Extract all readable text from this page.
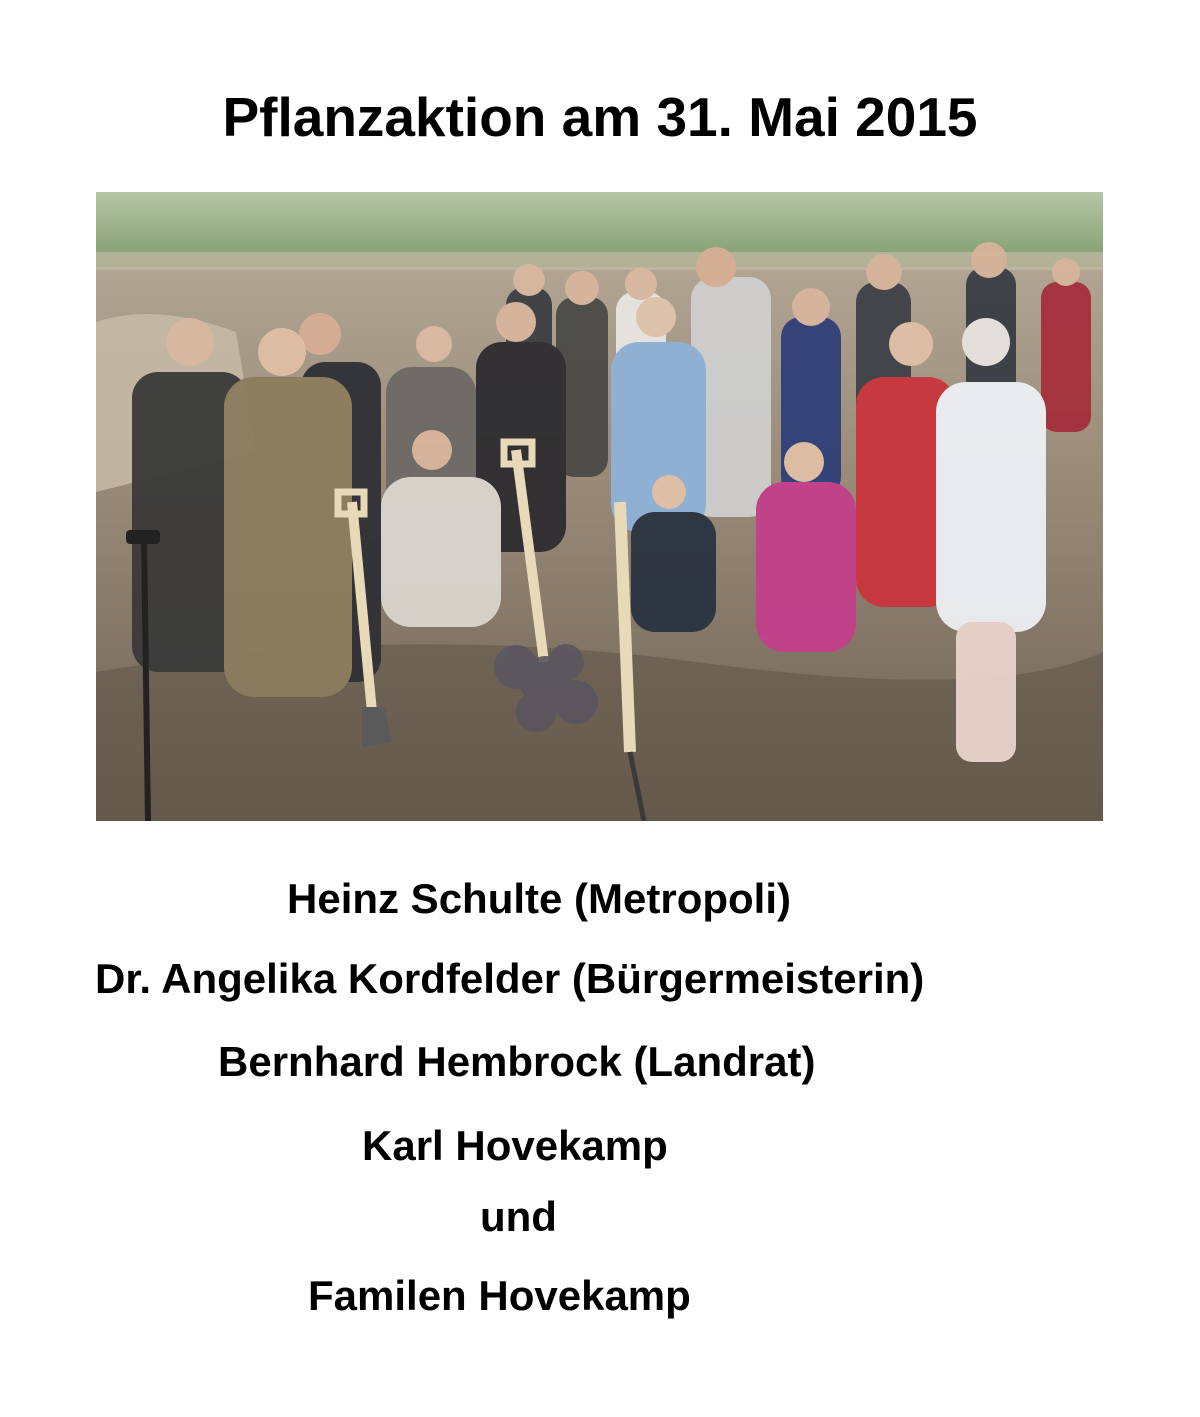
Pflanzaktion am 31. Mai 2015
Heinz Schulte (Metropoli)
Dr. Angelika Kordfelder (Bürgermeisterin)
Bernhard Hembrock (Landrat)
Karl Hovekamp
und
Familen Hovekamp
